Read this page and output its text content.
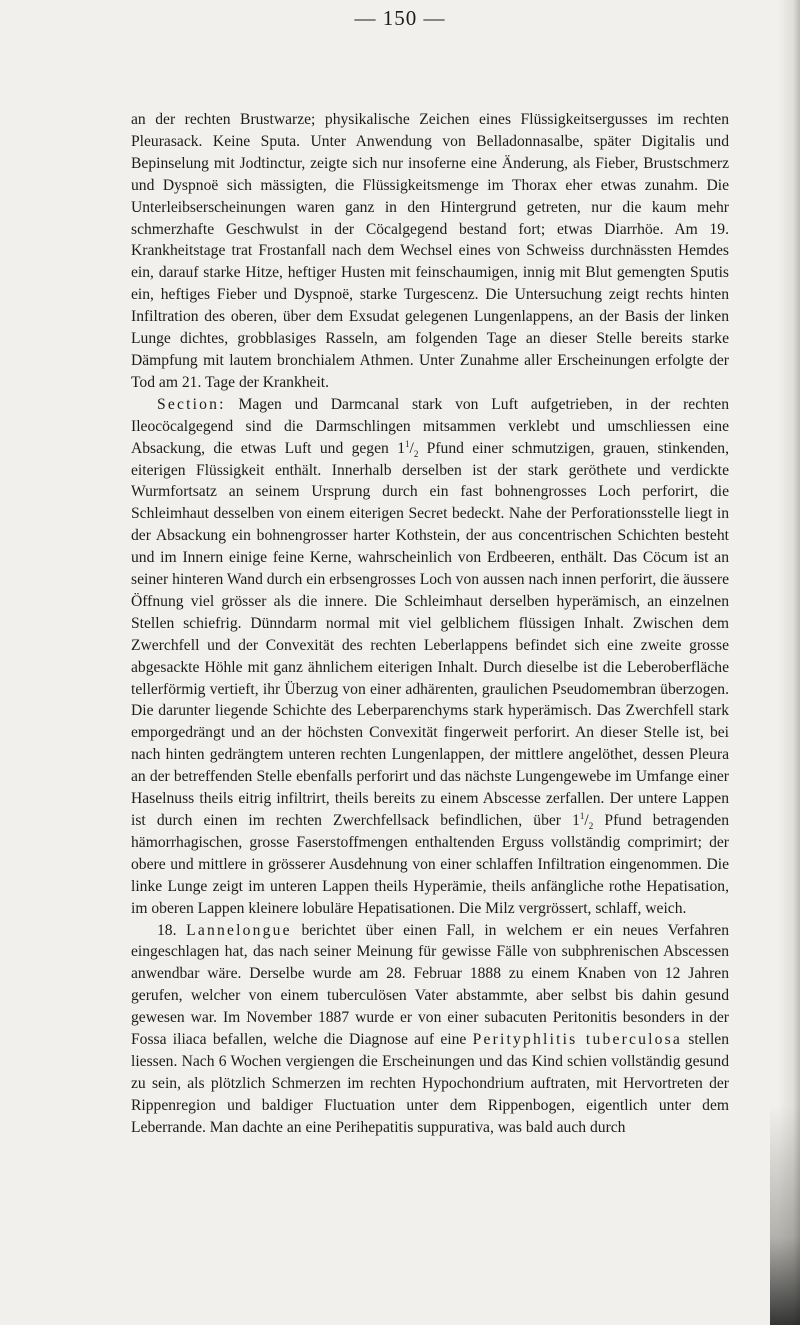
— 150 —

an der rechten Brustwarze; physikalische Zeichen eines Flüssigkeitsergusses im rechten Pleurasack. Keine Sputa. Unter Anwendung von Belladonnasalbe, später Digitalis und Bepinselung mit Jodtinctur, zeigte sich nur insoferne eine Änderung, als Fieber, Brustschmerz und Dyspnoë sich mässigten, die Flüssigkeitsmenge im Thorax eher etwas zunahm. Die Unterleibserscheinungen waren ganz in den Hintergrund getreten, nur die kaum mehr schmerzhafte Geschwulst in der Cöcalgegend bestand fort; etwas Diarrhöe. Am 19. Krankheitstage trat Frostanfall nach dem Wechsel eines von Schweiss durchnässten Hemdes ein, darauf starke Hitze, heftiger Husten mit feinschaumigen, innig mit Blut gemengten Sputis ein, heftiges Fieber und Dyspnoë, starke Turgescenz. Die Untersuchung zeigt rechts hinten Infiltration des oberen, über dem Exsudat gelegenen Lungenlappens, an der Basis der linken Lunge dichtes, grobblasiges Rasseln, am folgenden Tage an dieser Stelle bereits starke Dämpfung mit lautem bronchialem Athmen. Unter Zunahme aller Erscheinungen erfolgte der Tod am 21. Tage der Krankheit.

Section: Magen und Darmcanal stark von Luft aufgetrieben, in der rechten Ileocöcalgegend sind die Darmschlingen mitsammen verklebt und umschliessen eine Absackung, die etwas Luft und gegen $1^1/_2$ Pfund einer schmutzigen, grauen, stinkenden, eiterigen Flüssigkeit enthält. Innerhalb derselben ist der stark geröthete und verdickte Wurmfortsatz an seinem Ursprung durch ein fast bohnengrosses Loch perforirt, die Schleimhaut desselben von einem eiterigen Secret bedeckt. Nahe der Perforationsstelle liegt in der Absackung ein bohnengrosser harter Kothstein, der aus concentrischen Schichten besteht und im Innern einige feine Kerne, wahrscheinlich von Erdbeeren, enthält. Das Cöcum ist an seiner hinteren Wand durch ein erbsengrosses Loch von aussen nach innen perforirt, die äussere Öffnung viel grösser als die innere. Die Schleimhaut derselben hyperämisch, an einzelnen Stellen schiefrig. Dünndarm normal mit viel gelblichem flüssigen Inhalt. Zwischen dem Zwerchfell und der Convexität des rechten Leberlappens befindet sich eine zweite grosse abgesackte Höhle mit ganz ähnlichem eiterigen Inhalt. Durch dieselbe ist die Leberoberfläche tellerförmig vertieft, ihr Überzug von einer adhärenten, graulichen Pseudomembran überzogen. Die darunter liegende Schichte des Leberparenchyms stark hyperämisch. Das Zwerchfell stark emporgedrängt und an der höchsten Convexität fingerweit perforirt. An dieser Stelle ist, bei nach hinten gedrängtem unteren rechten Lungenlappen, der mittlere angelöthet, dessen Pleura an der betreffenden Stelle ebenfalls perforirt und das nächste Lungengewebe im Umfange einer Haselnuss theils eitrig infiltrirt, theils bereits zu einem Abscesse zerfallen. Der untere Lappen ist durch einen im rechten Zwerchfellsack befindlichen, über $1^1/_2$ Pfund betragenden hämorrhagischen, grosse Faserstoffmengen enthaltenden Erguss vollständig comprimirt; der obere und mittlere in grösserer Ausdehnung von einer schlaffen Infiltration eingenommen. Die linke Lunge zeigt im unteren Lappen theils Hyperämie, theils anfängliche rothe Hepatisation, im oberen Lappen kleinere lobuläre Hepatisationen. Die Milz vergrössert, schlaff, weich.

18. Lannelongue berichtet über einen Fall, in welchem er ein neues Verfahren eingeschlagen hat, das nach seiner Meinung für gewisse Fälle von subphrenischen Abscessen anwendbar wäre. Derselbe wurde am 28. Februar 1888 zu einem Knaben von 12 Jahren gerufen, welcher von einem tuberculösen Vater abstammte, aber selbst bis dahin gesund gewesen war. Im November 1887 wurde er von einer subacuten Peritonitis besonders in der Fossa iliaca befallen, welche die Diagnose auf eine Perityphlitis tuberculosa stellen liessen. Nach 6 Wochen vergiengen die Erscheinungen und das Kind schien vollständig gesund zu sein, als plötzlich Schmerzen im rechten Hypochondrium auftraten, mit Hervortreten der Rippenregion und baldiger Fluctuation unter dem Rippenbogen, eigentlich unter dem Leberrande. Man dachte an eine Perihepatitis suppurativa, was bald auch durch
